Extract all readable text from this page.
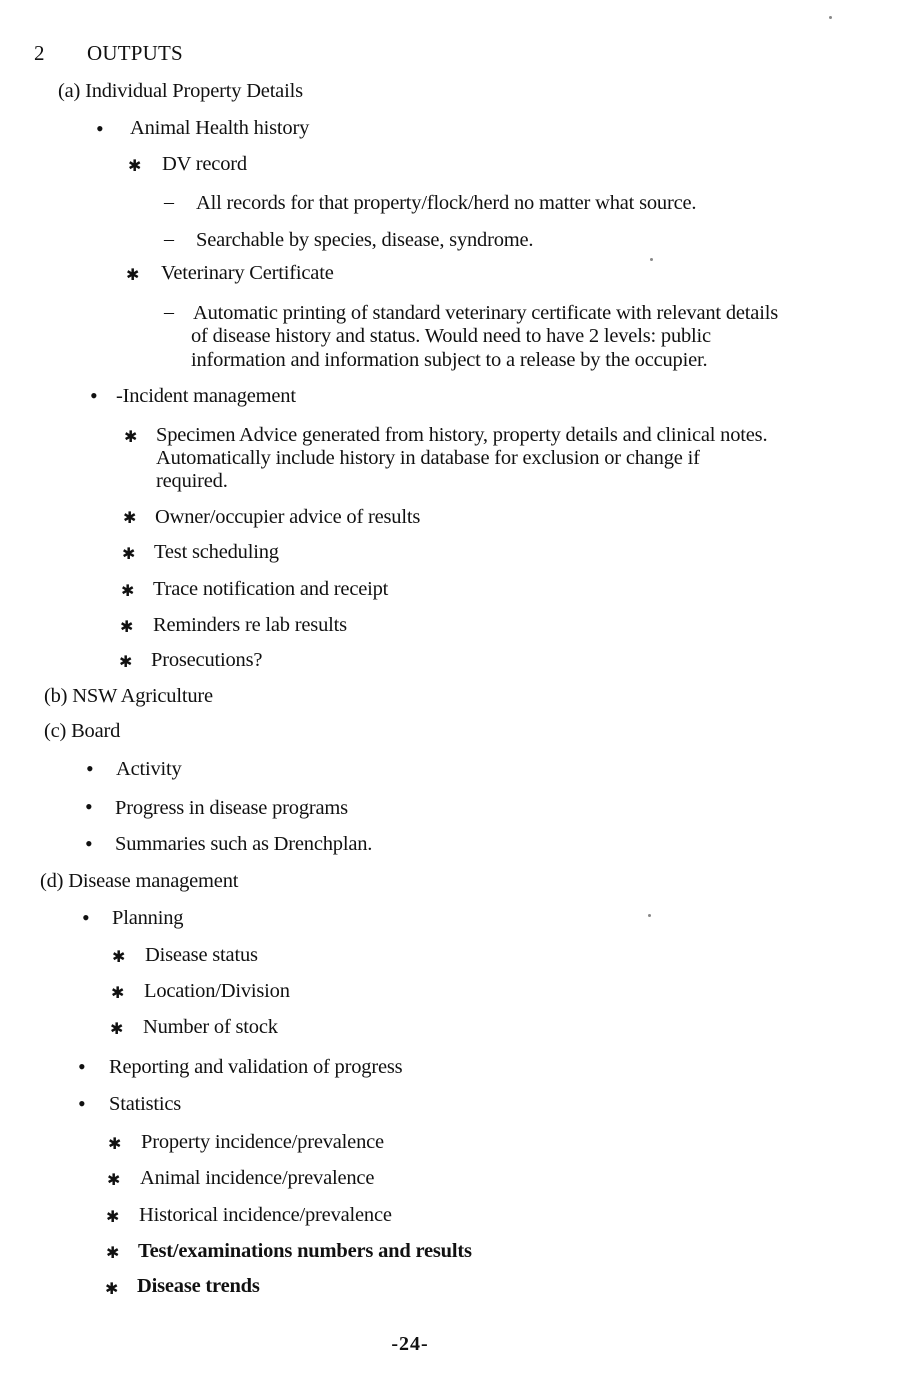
2 OUTPUTS
(a) Individual Property Details
• Animal Health history
✱ DV record
– All records for that property/flock/herd no matter what source.
– Searchable by species, disease, syndrome.
✱ Veterinary Certificate
– Automatic printing of standard veterinary certificate with relevant details
of disease history and status. Would need to have 2 levels: public
information and information subject to a release by the occupier.
• -Incident management
✱ Specimen Advice generated from history, property details and clinical notes.
Automatically include history in database for exclusion or change if
required.
✱ Owner/occupier advice of results
✱ Test scheduling
✱ Trace notification and receipt
✱ Reminders re lab results
✱ Prosecutions?
(b) NSW Agriculture
(c) Board
• Activity
• Progress in disease programs
• Summaries such as Drenchplan.
(d) Disease management
• Planning
✱ Disease status
✱ Location/Division
✱ Number of stock
• Reporting and validation of progress
• Statistics
✱ Property incidence/prevalence
✱ Animal incidence/prevalence
✱ Historical incidence/prevalence
✱ Test/examinations numbers and results
✱ Disease trends
-24-
